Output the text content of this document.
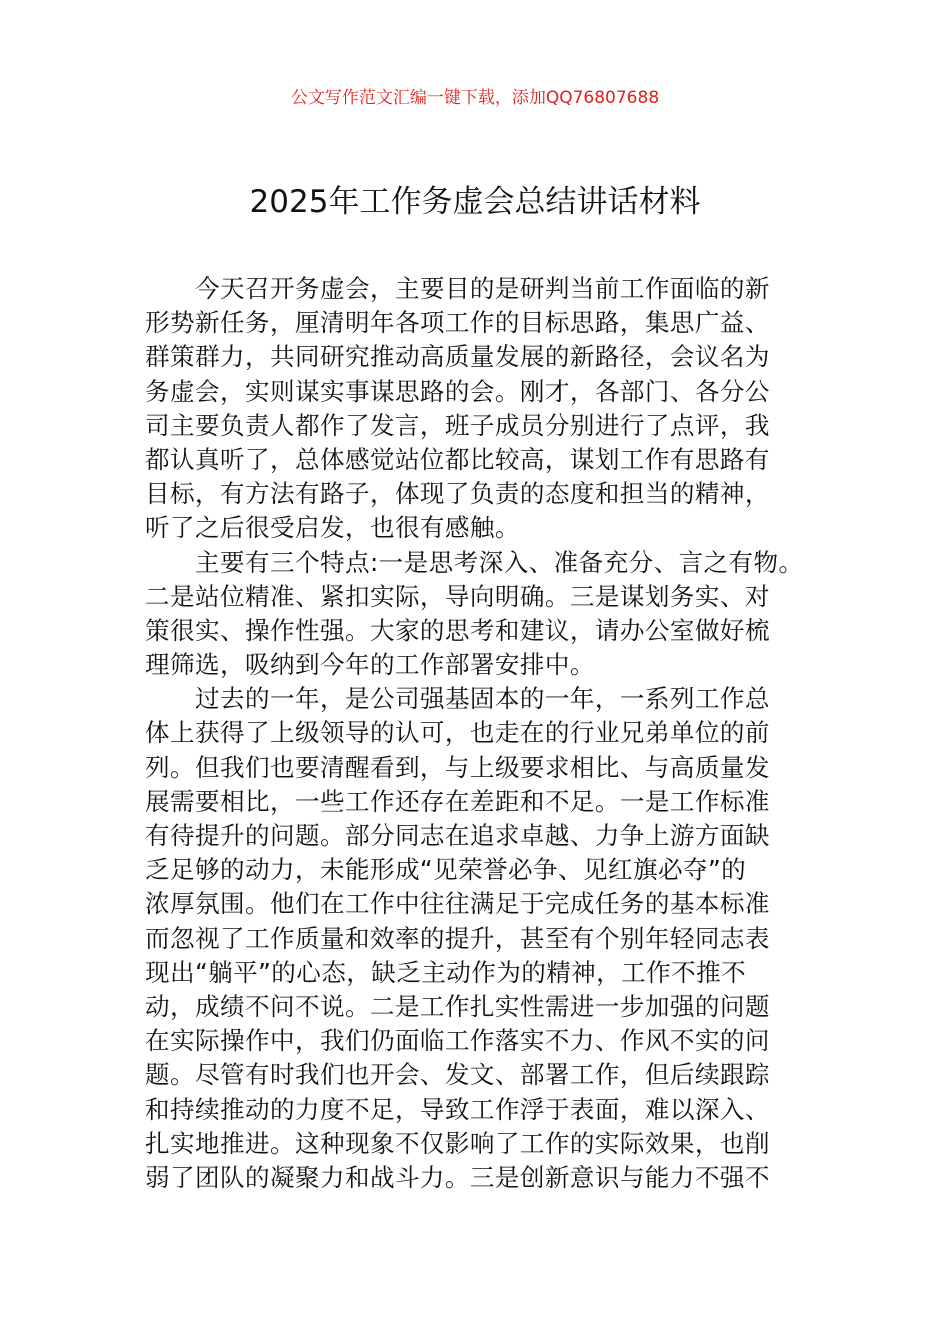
公文写作范文汇编一键下载，添加QQ76807688
2025年工作务虚会总结讲话材料
今天召开务虚会，主要目的是研判当前工作面临的新
形势新任务，厘清明年各项工作的目标思路，集思广益、
群策群力，共同研究推动高质量发展的新路径，会议名为
务虚会，实则谋实事谋思路的会。刚才，各部门、各分公
司主要负责人都作了发言，班子成员分别进行了点评，我
都认真听了，总体感觉站位都比较高，谋划工作有思路有
目标，有方法有路子，体现了负责的态度和担当的精神，
听了之后很受启发，也很有感触。
主要有三个特点:一是思考深入、准备充分、言之有物。
二是站位精准、紧扣实际，导向明确。三是谋划务实、对
策很实、操作性强。大家的思考和建议，请办公室做好梳
理筛选，吸纳到今年的工作部署安排中。
过去的一年，是公司强基固本的一年，一系列工作总
体上获得了上级领导的认可，也走在的行业兄弟单位的前
列。但我们也要清醒看到，与上级要求相比、与高质量发
展需要相比，一些工作还存在差距和不足。一是工作标准
有待提升的问题。部分同志在追求卓越、力争上游方面缺
乏足够的动力，未能形成“见荣誉必争、见红旗必夺”的
浓厚氛围。他们在工作中往往满足于完成任务的基本标准
而忽视了工作质量和效率的提升，甚至有个别年轻同志表
现出“躺平”的心态，缺乏主动作为的精神，工作不推不
动，成绩不问不说。二是工作扎实性需进一步加强的问题
在实际操作中，我们仍面临工作落实不力、作风不实的问
题。尽管有时我们也开会、发文、部署工作，但后续跟踪
和持续推动的力度不足，导致工作浮于表面，难以深入、
扎实地推进。这种现象不仅影响了工作的实际效果，也削
弱了团队的凝聚力和战斗力。三是创新意识与能力不强不
